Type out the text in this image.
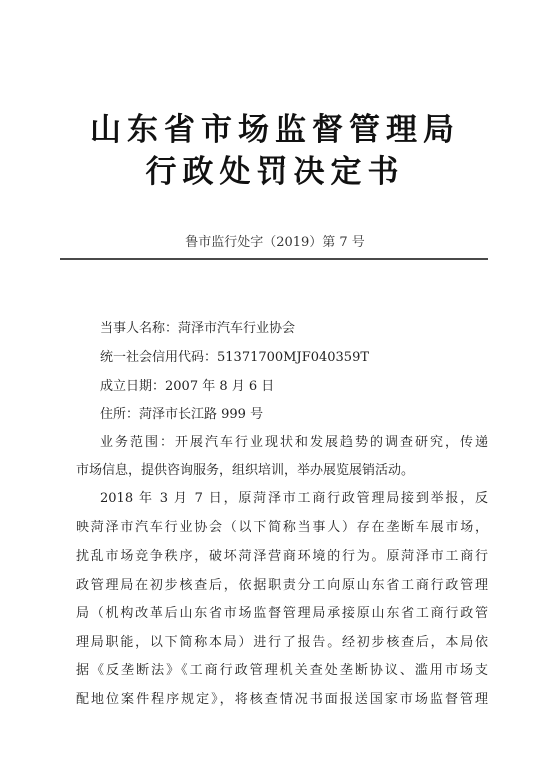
山东省市场监督管理局
行政处罚决定书
鲁市监行处字（2019）第 7 号
当事人名称：菏泽市汽车行业协会
统一社会信用代码：51371700MJF040359T
成立日期：2007 年 8 月 6 日
住所：菏泽市长江路 999 号
业务范围：开展汽车行业现状和发展趋势的调查研究，传递
市场信息，提供咨询服务，组织培训，举办展览展销活动。
2018 年 3 月 7 日，原菏泽市工商行政管理局接到举报，反
映菏泽市汽车行业协会（以下简称当事人）存在垄断车展市场，
扰乱市场竞争秩序，破坏菏泽营商环境的行为。原菏泽市工商行
政管理局在初步核查后，依据职责分工向原山东省工商行政管理
局（机构改革后山东省市场监督管理局承接原山东省工商行政管
理局职能，以下简称本局）进行了报告。经初步核查后，本局依
据《反垄断法》《工商行政管理机关查处垄断协议、滥用市场支
配地位案件程序规定》，将核查情况书面报送国家市场监督管理
